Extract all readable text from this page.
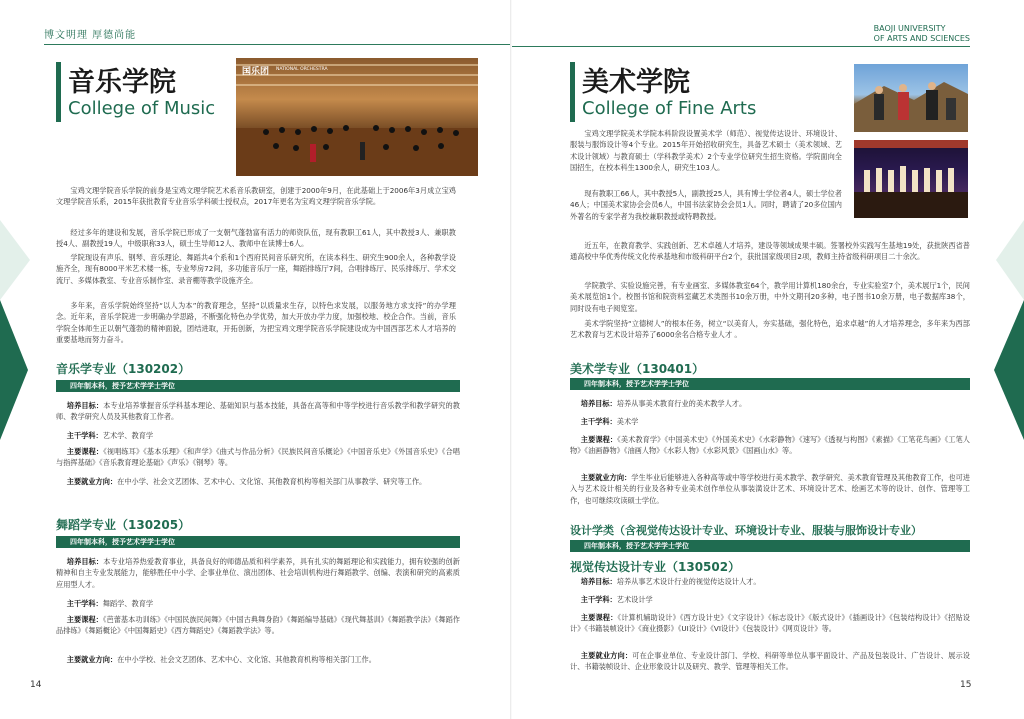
博文明理 厚德尚能
音乐学院
College of Music
国乐团 NATIONAL ORCHESTRA
宝鸡文理学院音乐学院的前身是宝鸡文理学院艺术系音乐教研室，创建于2000年9月，在此基础上于2006年3月成立宝鸡文理学院音乐系，2015年获批教育专业音乐学科硕士授权点，2017年更名为宝鸡文理学院音乐学院。
经过多年的建设和发展，音乐学院已形成了一支朝气蓬勃富有活力的师资队伍，现有教职工61人，其中教授3人、兼职教授4人、副教授19人，中级职称33人，硕士生导师12人、教师中在读博士6人。
学院现设有声乐、钢琴、音乐理论、舞蹈共4个系和1个西府民间音乐研究所，在读本科生、研究生900余人，各种教学设施齐全，现有8000平米艺术楼一栋，专业琴房72间，多功能音乐厅一座，舞蹈排练厅7间，合唱排练厅、民乐排练厅、学术交流厅、多媒体教室、专业音乐制作室、录音棚等教学设施齐全。
多年来，音乐学院始终坚持“以人为本”的教育理念，坚持“以质量求生存，以特色求发展，以服务地方求支持”的办学理念。近年来，音乐学院进一步明确办学思路，不断强化特色办学优势，加大开放办学力度，加强校地、校企合作。当前，音乐学院全体师生正以朝气蓬勃的精神面貌，团结进取，开拓创新，为把宝鸡文理学院音乐学院建设成为中国西部艺术人才培养的重要基地而努力奋斗。
音乐学专业（130202）
四年制本科，授予艺术学学士学位
培养目标：本专业培养掌握音乐学科基本理论、基础知识与基本技能，具备在高等和中等学校进行音乐教学和教学研究的教师、教学研究人员及其他教育工作者。
主干学科：艺术学、教育学
主要课程：《视唱练耳》《基本乐理》《和声学》《曲式与作品分析》《民族民间音乐概论》《中国音乐史》《外国音乐史》《合唱与指挥基础》《音乐教育理论基础》《声乐》《钢琴》等。
主要就业方向：在中小学、社会文艺团体、艺术中心、文化馆、其他教育机构等相关部门从事教学、研究等工作。
舞蹈学专业（130205）
四年制本科，授予艺术学学士学位
培养目标：本专业培养热爱教育事业，具备良好的师德品质和科学素养，具有扎实的舞蹈理论和实践能力，拥有较强的创新精神和自主专业发展能力，能够胜任中小学、企事业单位、演出团体、社会培训机构进行舞蹈教学、创编、表演和研究的高素质应用型人才。
主干学科：舞蹈学、教育学
主要课程：《芭蕾基本功训练》《中国民族民间舞》《中国古典舞身韵》《舞蹈编导基础》《现代舞基训》《舞蹈教学法》《舞蹈作品排练》《舞蹈概论》《中国舞蹈史》《西方舞蹈史》《舞蹈教学法》等。
主要就业方向：在中小学校、社会文艺团体、艺术中心、文化馆、其他教育机构等相关部门工作。
14
BAOJI UNIVERSITY
OF ARTS AND SCIENCES
美术学院
College of Fine Arts
宝鸡文理学院美术学院本科阶段设置美术学（师范）、视觉传达设计、环境设计、服装与服饰设计等4个专业。2015年开始招收研究生，具备艺术硕士（美术领域、艺术设计领域）与教育硕士（学科教学美术）2个专业学位研究生招生资格。学院面向全国招生，在校本科生1300余人，研究生103人。
现有教职工66人，其中教授5人，副教授25人，具有博士学位者4人，硕士学位者46人；中国美术家协会会员6人，中国书法家协会会员1人。同时，聘请了20多位国内外著名的专家学者为我校兼职教授或特聘教授。
近五年，在教育教学、实践创新、艺术卓越人才培养，建设等领域成果丰硕。签署校外实践写生基地19处，获批陕西省普通高校中华优秀传统文化传承基地和市级科研平台2个，获批国家级项目2项，教师主持省级科研项目二十余次。
学院教学、实验设施完善，有专业画室、多媒体教室64个，教学用计算机180余台，专业实验室7个，美术展厅1个，民间美术展览馆1个。校图书馆和院资料室藏艺术类图书10余万册，中外文期刊20多种，电子图书10余万册，电子数据库38个，同时设有电子阅览室。
美术学院坚持“立德树人”的根本任务，树立“以美育人，夯实基础，强化特色，追求卓越”的人才培养理念，多年来为西部艺术教育与艺术设计培养了6000余名合格专业人才 。
美术学专业（130401）
四年制本科，授予艺术学学士学位
培养目标：培养从事美术教育行业的美术教学人才。
主干学科：美术学
主要课程：《美术教育学》《中国美术史》《外国美术史》《水彩静物》《速写》《透视与构图》《素描》《工笔花鸟画》《工笔人物》《油画静物》《油画人物》《水彩人物》《水彩风景》《国画山水》等。
主要就业方向：学生毕业后能够进入各种高等或中等学校进行美术教学、教学研究、美术教育管理及其他教育工作，也可进入与艺术设计相关的行业及各种专业美术创作单位从事装潢设计艺术、环境设计艺术、绘画艺术等的设计、创作、管理等工作，也可继续攻读硕士学位。
设计学类（含视觉传达设计专业、环境设计专业、服装与服饰设计专业）
四年制本科，授予艺术学学士学位
视觉传达设计专业（130502）
培养目标：培养从事艺术设计行业的视觉传达设计人才。
主干学科：艺术设计学
主要课程：《计算机辅助设计》《西方设计史》《文字设计》《标志设计》《版式设计》《插画设计》《包装结构设计》《招贴设计》《书籍装帧设计》《商业摄影》《UI设计》《VI设计》《包装设计》《网页设计》等。
主要就业方向：可在企事业单位、专业设计部门、学校、科研等单位从事平面设计、产品及包装设计、广告设计、展示设计、书籍装帧设计、企业形象设计以及研究、教学、管理等相关工作。
15
